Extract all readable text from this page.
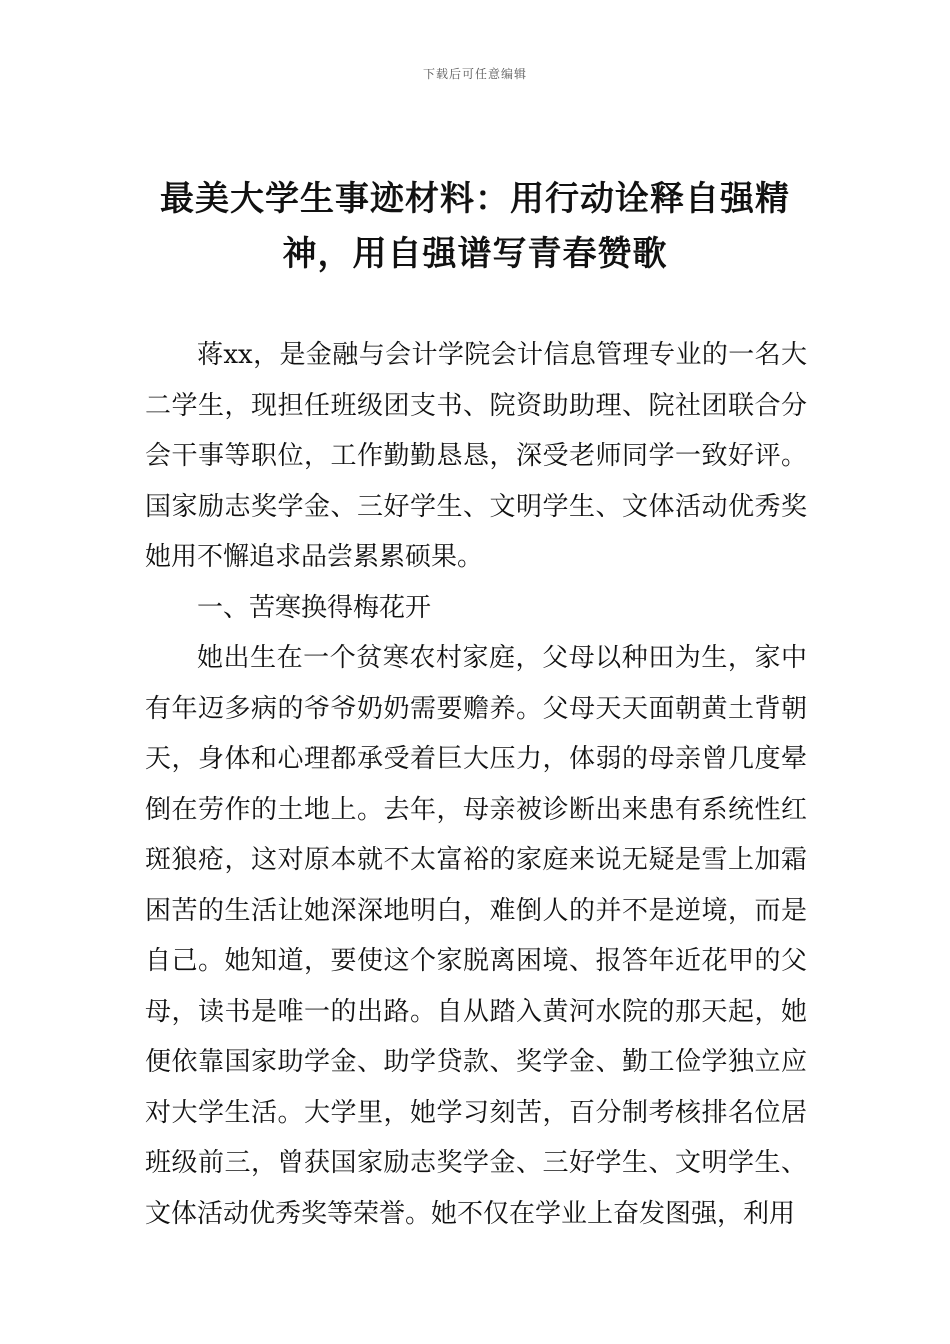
下载后可任意编辑
最美大学生事迹材料：用行动诠释自强精
神，用自强谱写青春赞歌

蒋xx，是金融与会计学院会计信息管理专业的一名大二学生，现担任班级团支书、院资助助理、院社团联合分会干事等职位，工作勤勤恳恳，深受老师同学一致好评。国家励志奖学金、三好学生、文明学生、文体活动优秀奖她用不懈追求品尝累累硕果。

一、苦寒换得梅花开

她出生在一个贫寒农村家庭，父母以种田为生，家中有年迈多病的爷爷奶奶需要赡养。父母天天面朝黄土背朝天，身体和心理都承受着巨大压力，体弱的母亲曾几度晕倒在劳作的土地上。去年，母亲被诊断出来患有系统性红斑狼疮，这对原本就不太富裕的家庭来说无疑是雪上加霜困苦的生活让她深深地明白，难倒人的并不是逆境，而是自己。她知道，要使这个家脱离困境、报答年近花甲的父母，读书是唯一的出路。自从踏入黄河水院的那天起，她便依靠国家助学金、助学贷款、奖学金、勤工俭学独立应对大学生活。大学里，她学习刻苦，百分制考核排名位居班级前三，曾获国家励志奖学金、三好学生、文明学生、文体活动优秀奖等荣誉。她不仅在学业上奋发图强，利用
